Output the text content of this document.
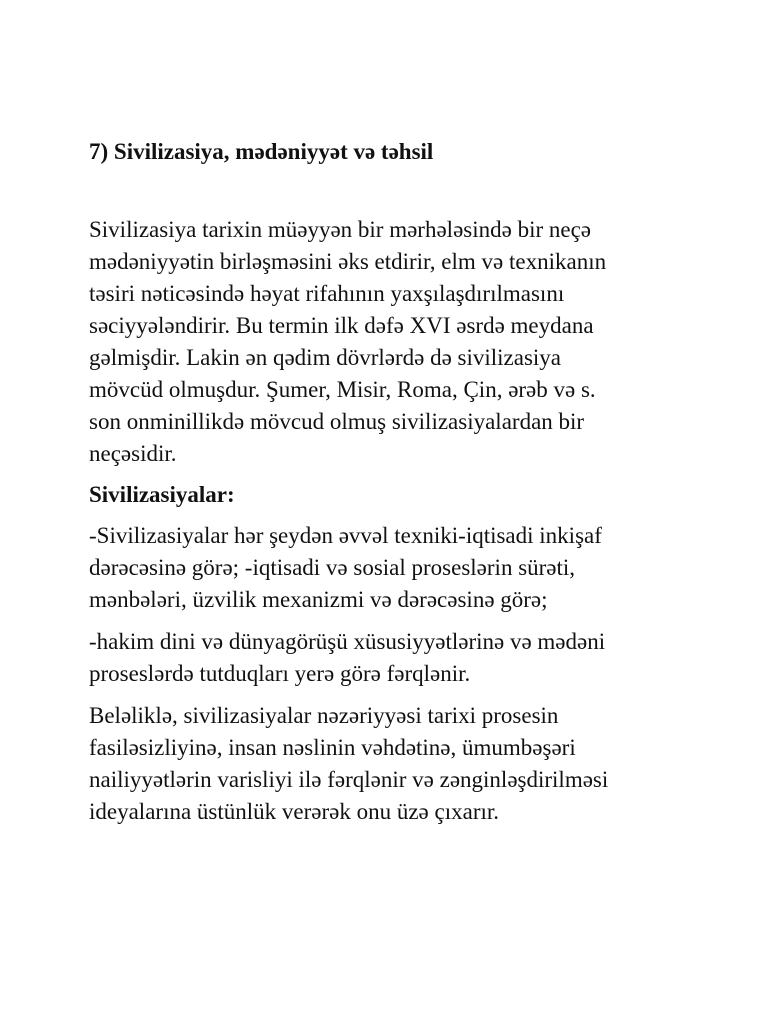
7) Sivilizasiya, mədəniyyət və təhsil
Sivilizasiya tarixin müəyyən bir mərhələsində bir neçə
mədəniyyətin birləşməsini əks etdirir, elm və texnikanın
təsiri nəticəsində həyat rifahının yaxşılaşdırılmasını
səciyyələndirir. Bu termin ilk dəfə XVI əsrdə meydana
gəlmişdir. Lakin ən qədim dövrlərdə də sivilizasiya
mövcüd olmuşdur. Şumer, Misir, Roma, Çin, ərəb və s.
son onminillikdə mövcud olmuş sivilizasiyalardan bir
neçəsidir.
Sivilizasiyalar:
-Sivilizasiyalar hər şeydən əvvəl texniki-iqtisadi inkişaf
dərəcəsinə görə; -iqtisadi və sosial proseslərin sürəti,
mənbələri, üzvilik mexanizmi və dərəcəsinə görə;
-hakim dini və dünyagörüşü xüsusiyyətlərinə və mədəni
proseslərdə tutduqları yerə görə fərqlənir.
Beləliklə, sivilizasiyalar nəzəriyyəsi tarixi prosesin
fasiləsizliyinə, insan nəslinin vəhdətinə, ümumbəşəri
nailiyyətlərin varisliyi ilə fərqlənir və zənginləşdirilməsi
ideyalarına üstünlük verərək onu üzə çıxarır.
